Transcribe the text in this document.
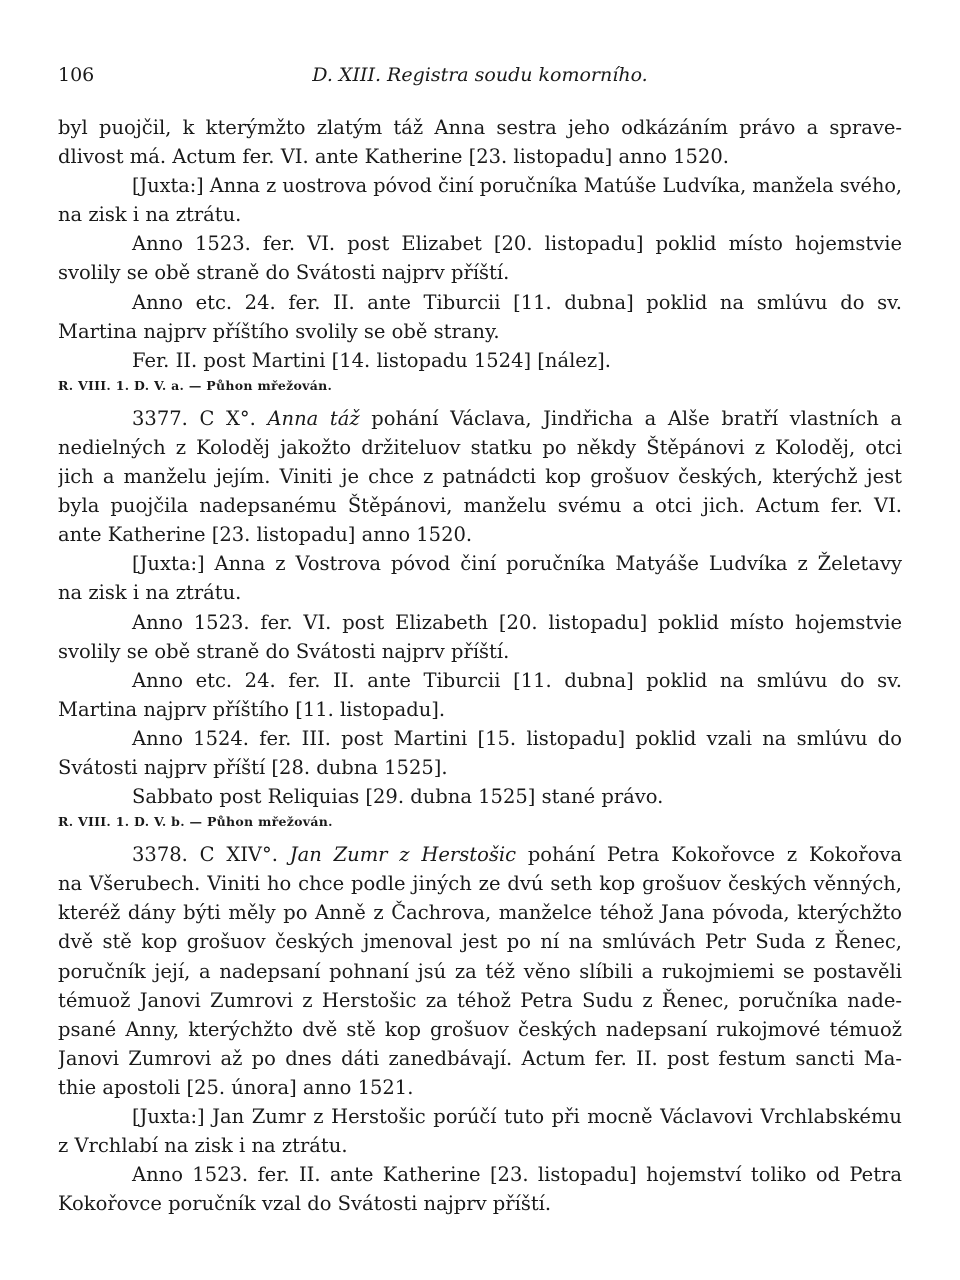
106	D. XIII. Registra soudu komorního.
byl puojčil, k kterýmžto zlatým táž Anna sestra jeho odkázáním právo a sprave-
dlivost má. Actum fer. VI. ante Katherine [23. listopadu] anno 1520.
[Juxta:] Anna z uostrova póvod činí poručníka Matúše Ludvíka, manžela svého,
na zisk i na ztrátu.
Anno 1523. fer. VI. post Elizabet [20. listopadu] poklid místo hojemstvie
svolily se obě straně do Svátosti najprv příští.
Anno etc. 24. fer. II. ante Tiburcii [11. dubna] poklid na smlúvu do sv.
Martina najprv příštího svolily se obě strany.
Fer. II. post Martini [14. listopadu 1524] [nález].
R. VIII. 1. D. V. a. — Půhon mřežován.
3377. C X°. Anna táž pohání Václava, Jindřicha a Alše bratří vlastních a
nedielných z Koloděj jakožto držiteluov statku po někdy Štěpánovi z Koloděj, otci
jich a manželu jejím. Viniti je chce z patnádcti kop grošuov českých, kterýchž jest
byla puojčila nadepsanému Štěpánovi, manželu svému a otci jich. Actum fer. VI.
ante Katherine [23. listopadu] anno 1520.
[Juxta:] Anna z Vostrova póvod činí poručníka Matyáše Ludvíka z Želetavy
na zisk i na ztrátu.
Anno 1523. fer. VI. post Elizabeth [20. listopadu] poklid místo hojemstvie
svolily se obě straně do Svátosti najprv příští.
Anno etc. 24. fer. II. ante Tiburcii [11. dubna] poklid na smlúvu do sv.
Martina najprv příštího [11. listopadu].
Anno 1524. fer. III. post Martini [15. listopadu] poklid vzali na smlúvu do
Svátosti najprv příští [28. dubna 1525].
Sabbato post Reliquias [29. dubna 1525] stané právo.
R. VIII. 1. D. V. b. — Půhon mřežován.
3378. C XIV°. Jan Zumr z Herstošic pohání Petra Kokořovce z Kokořova
na Všerubech. Viniti ho chce podle jiných ze dvú seth kop grošuov českých věnných,
kteréž dány býti měly po Anně z Čachrova, manželce téhož Jana póvoda, kterýchžto
dvě stě kop grošuov českých jmenoval jest po ní na smlúvách Petr Suda z Řenec,
poručník její, a nadepsaní pohnaní jsú za též věno slíbili a rukojmiemi se postavěli
témuož Janovi Zumrovi z Herstošic za téhož Petra Sudu z Řenec, poručníka nade-
psané Anny, kterýchžto dvě stě kop grošuov českých nadepsaní rukojmové témuož
Janovi Zumrovi až po dnes dáti zanedbávají. Actum fer. II. post festum sancti Ma-
thie apostoli [25. února] anno 1521.
[Juxta:] Jan Zumr z Herstošic porúčí tuto při mocně Václavovi Vrchlabskému
z Vrchlabí na zisk i na ztrátu.
Anno 1523. fer. II. ante Katherine [23. listopadu] hojemství toliko od Petra
Kokořovce poručník vzal do Svátosti najprv příští.
